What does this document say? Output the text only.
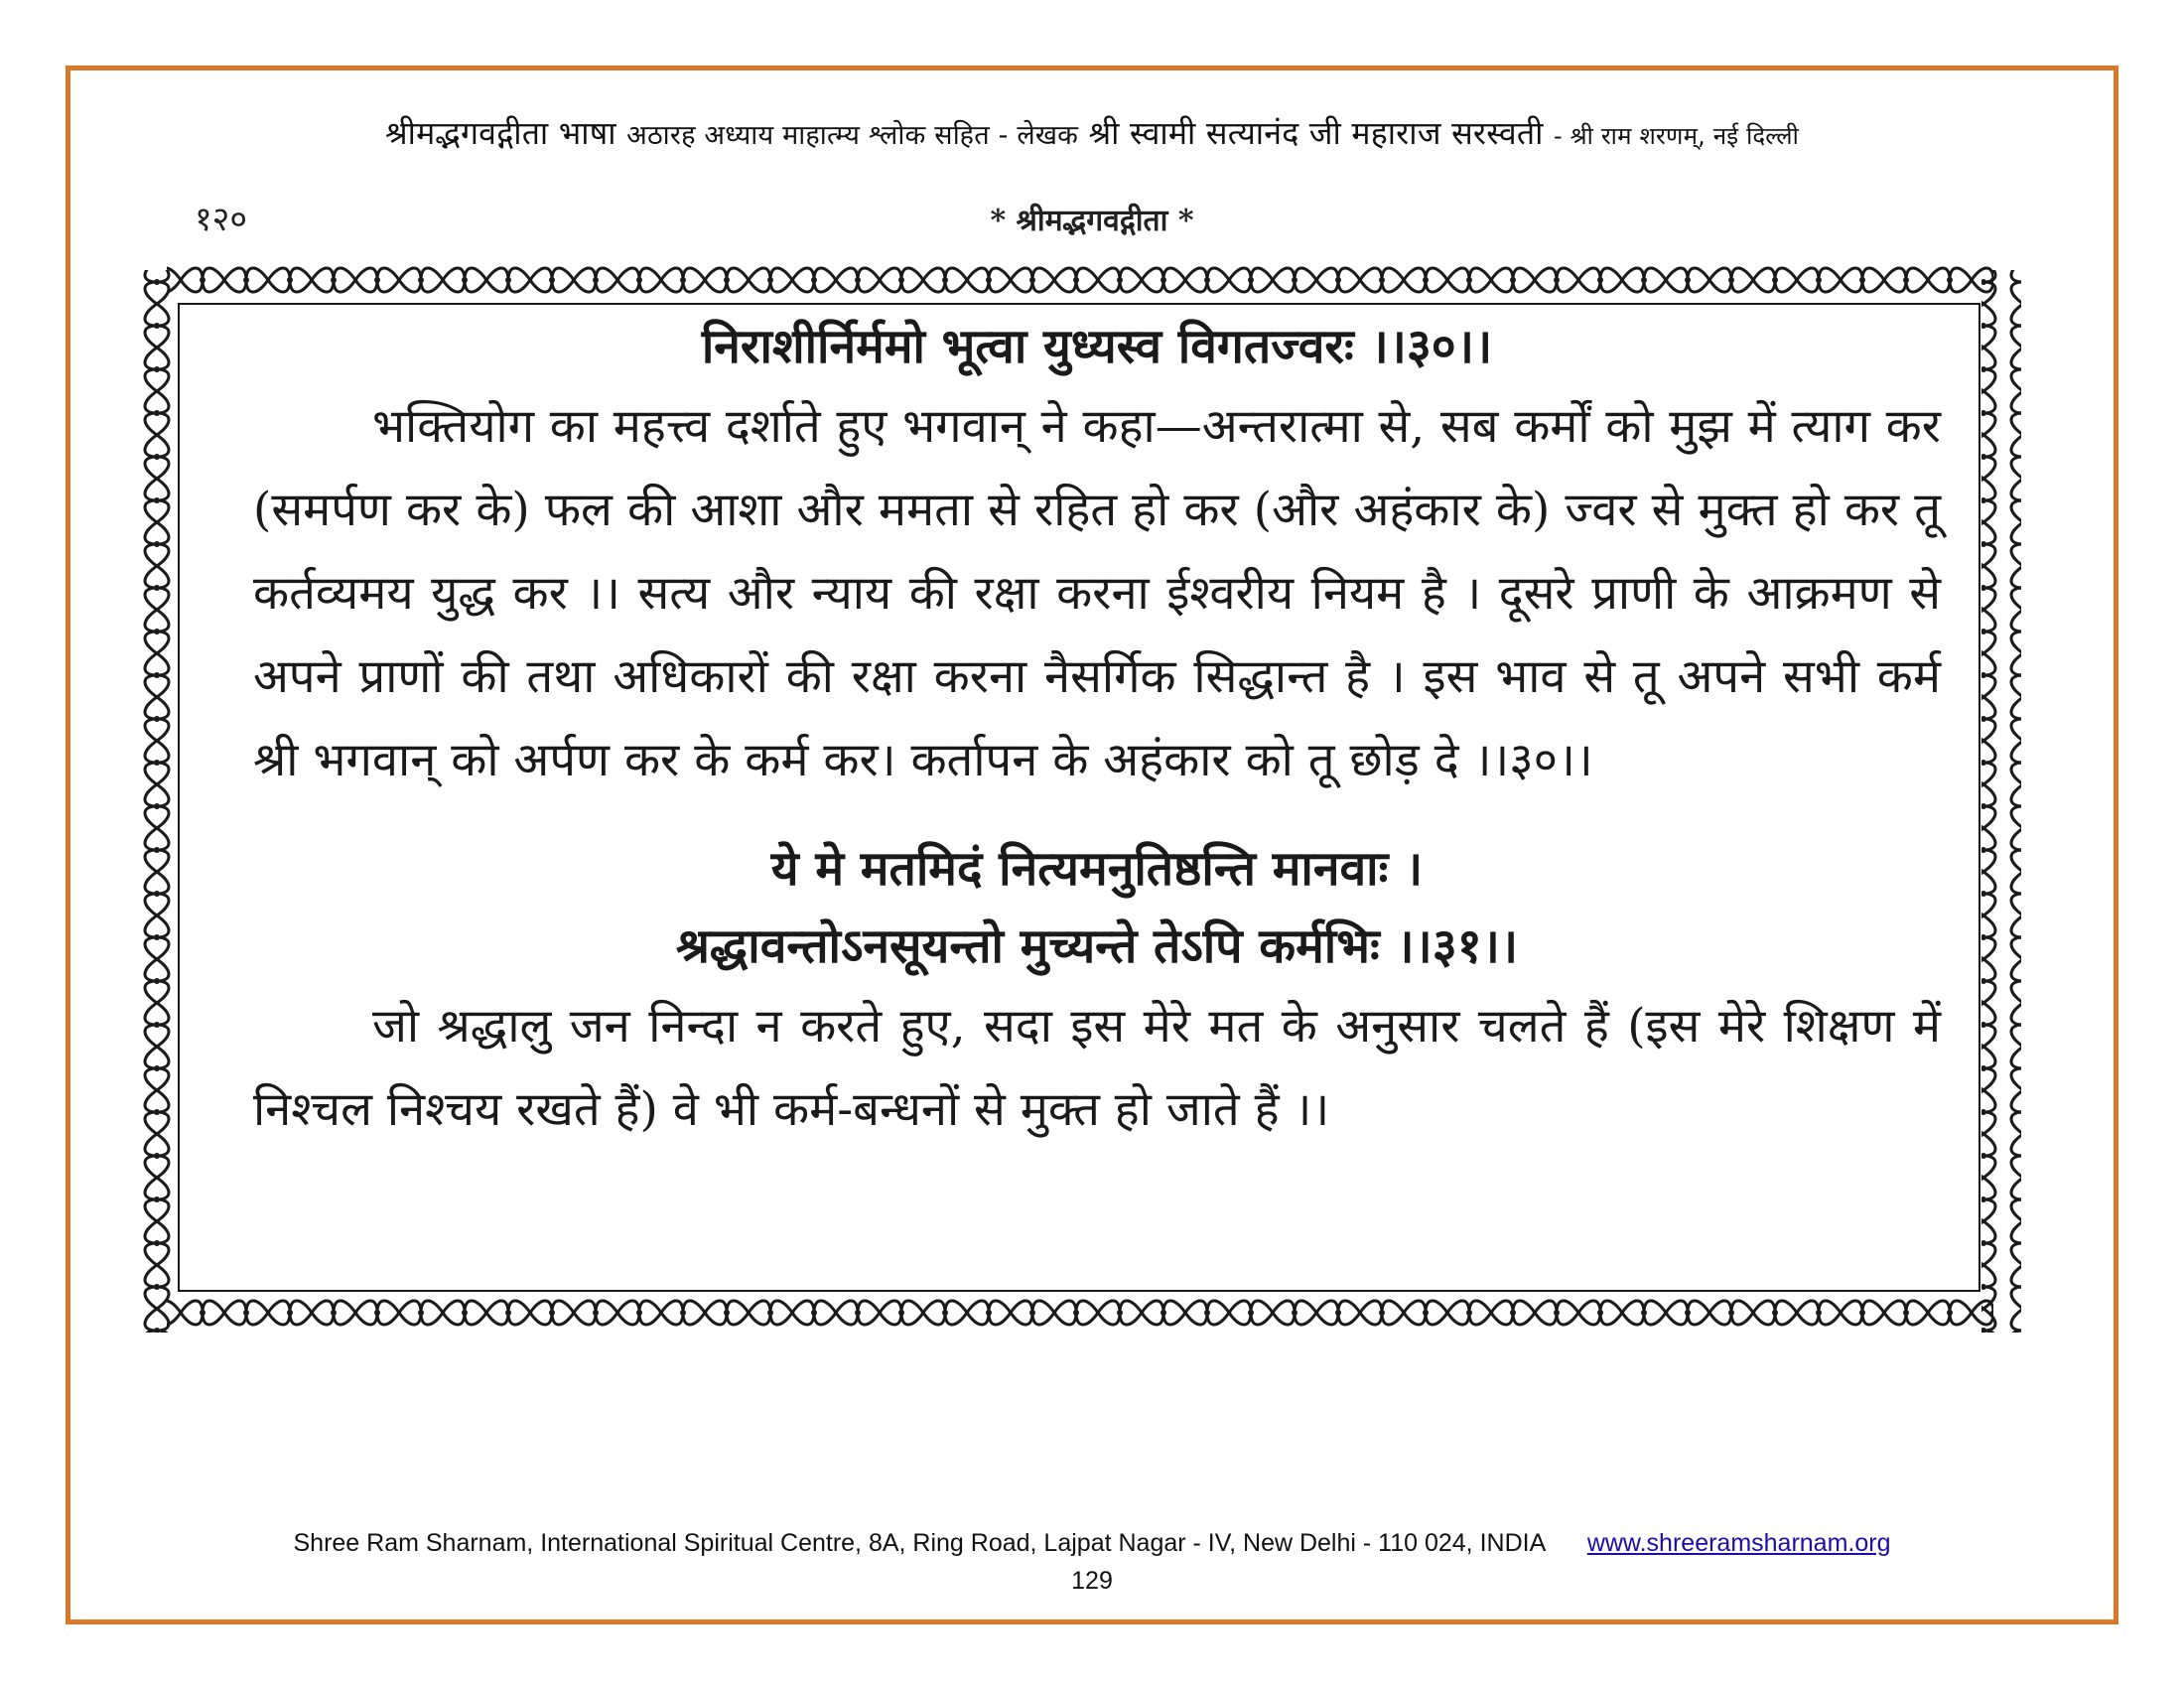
श्रीमद्भगवद्गीता भाषा अठारह अध्याय माहात्म्य श्लोक सहित - लेखक श्री स्वामी सत्यानंद जी महाराज सरस्वती - श्री राम शरणम्, नई दिल्ली
१२०	* श्रीमद्भगवद्गीता *
निराशीर्निर्ममो भूत्वा युध्यस्व विगतज्वरः ।।३०।।

भक्तियोग का महत्त्व दर्शाते हुए भगवान् ने कहा—अन्तरात्मा से, सब कर्मों को मुझ में त्याग कर (समर्पण कर के) फल की आशा और ममता से रहित हो कर (और अहंकार के) ज्वर से मुक्त हो कर तू कर्तव्यमय युद्ध कर ।। सत्य और न्याय की रक्षा करना ईश्वरीय नियम है । दूसरे प्राणी के आक्रमण से अपने प्राणों की तथा अधिकारों की रक्षा करना नैसर्गिक सिद्धान्त है । इस भाव से तू अपने सभी कर्म श्री भगवान् को अर्पण कर के कर्म कर। कर्तापन के अहंकार को तू छोड़ दे ।।३०।।

ये मे मतमिदं नित्यमनुतिष्ठन्ति मानवाः ।
श्रद्धावन्तोऽनसूयन्तो मुच्यन्ते तेऽपि कर्मभिः ।।३१।।

जो श्रद्धालु जन निन्दा न करते हुए, सदा इस मेरे मत के अनुसार चलते हैं (इस मेरे शिक्षण में निश्चल निश्चय रखते हैं) वे भी कर्म-बन्धनों से मुक्त हो जाते हैं ।।

Shree Ram Sharnam, International Spiritual Centre, 8A, Ring Road, Lajpat Nagar - IV, New Delhi - 110 024, INDIA www.shreeramsharnam.org
129
